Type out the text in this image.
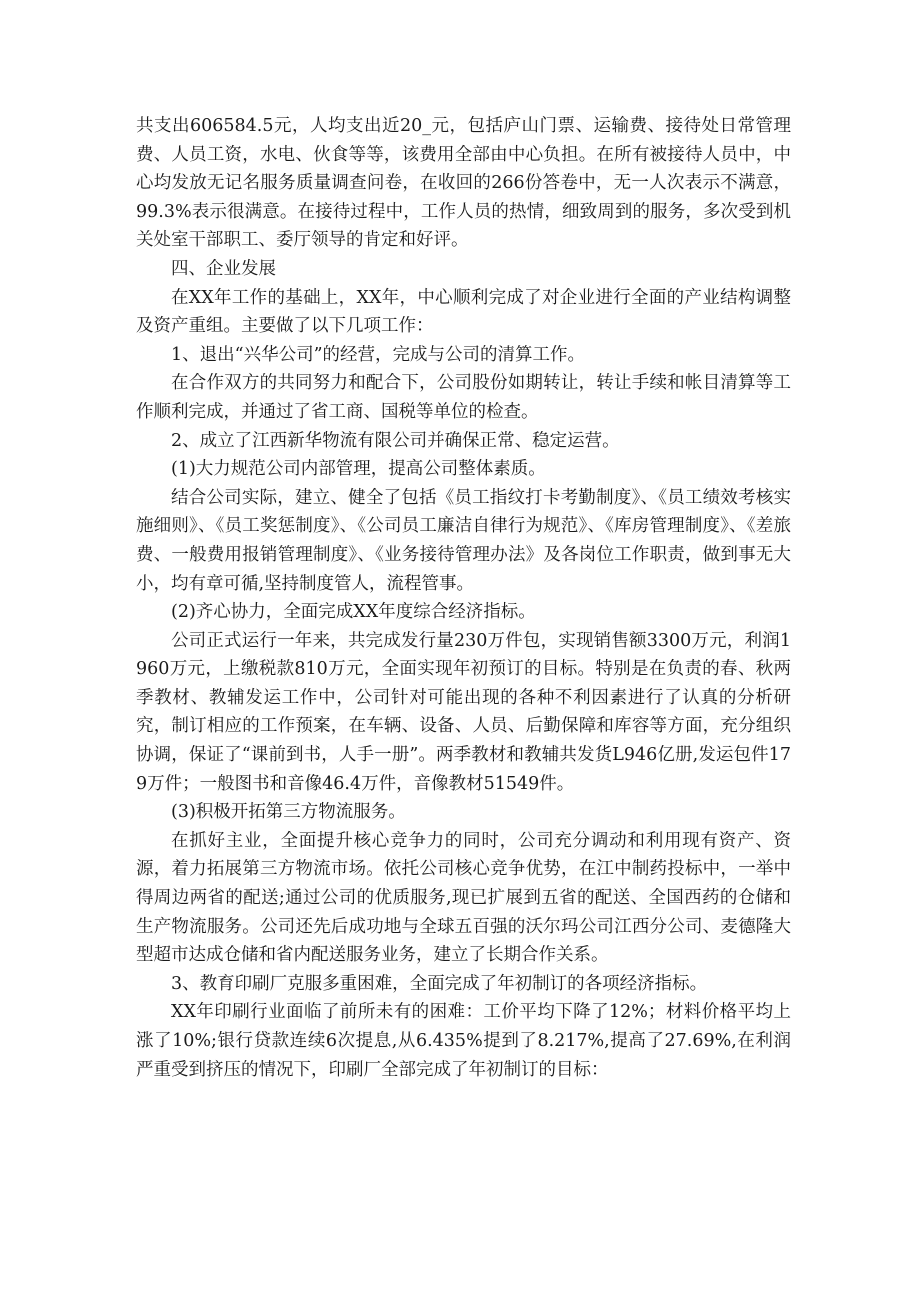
共支出606584.5元，人均支出近20_元，包括庐山门票、运输费、接待处日常管理费、人员工资，水电、伙食等等，该费用全部由中心负担。在所有被接待人员中，中心均发放无记名服务质量调查问卷，在收回的266份答卷中，无一人次表示不满意，99.3%表示很满意。在接待过程中，工作人员的热情，细致周到的服务，多次受到机关处室干部职工、委厅领导的肯定和好评。

四、企业发展

在XX年工作的基础上，XX年，中心顺利完成了对企业进行全面的产业结构调整及资产重组。主要做了以下几项工作：

1、退出“兴华公司”的经营，完成与公司的清算工作。

在合作双方的共同努力和配合下，公司股份如期转让，转让手续和帐目清算等工作顺利完成，并通过了省工商、国税等单位的检查。

2、成立了江西新华物流有限公司并确保正常、稳定运营。

(1)大力规范公司内部管理，提高公司整体素质。

结合公司实际，建立、健全了包括《员工指纹打卡考勤制度》、《员工绩效考核实施细则》、《员工奖惩制度》、《公司员工廉洁自律行为规范》、《库房管理制度》、《差旅费、一般费用报销管理制度》、《业务接待管理办法》及各岗位工作职责，做到事无大小，均有章可循,坚持制度管人，流程管事。

(2)齐心协力，全面完成XX年度综合经济指标。

公司正式运行一年来，共完成发行量230万件包，实现销售额3300万元，利润1960万元，上缴税款810万元，全面实现年初预订的目标。特别是在负责的春、秋两季教材、教辅发运工作中，公司针对可能出现的各种不利因素进行了认真的分析研究，制订相应的工作预案，在车辆、设备、人员、后勤保障和库容等方面，充分组织协调，保证了“课前到书，人手一册”。两季教材和教辅共发货L946亿册,发运包件179万件；一般图书和音像46.4万件，音像教材51549件。

(3)积极开拓第三方物流服务。

在抓好主业，全面提升核心竞争力的同时，公司充分调动和利用现有资产、资源，着力拓展第三方物流市场。依托公司核心竞争优势，在江中制药投标中，一举中得周边两省的配送;通过公司的优质服务,现已扩展到五省的配送、全国西药的仓储和生产物流服务。公司还先后成功地与全球五百强的沃尔玛公司江西分公司、麦德隆大型超市达成仓储和省内配送服务业务，建立了长期合作关系。

3、教育印刷厂克服多重困难，全面完成了年初制订的各项经济指标。

XX年印刷行业面临了前所未有的困难：工价平均下降了12%；材料价格平均上涨了10%;银行贷款连续6次提息,从6.435%提到了8.217%,提高了27.69%,在利润严重受到挤压的情况下，印刷厂全部完成了年初制订的目标：
